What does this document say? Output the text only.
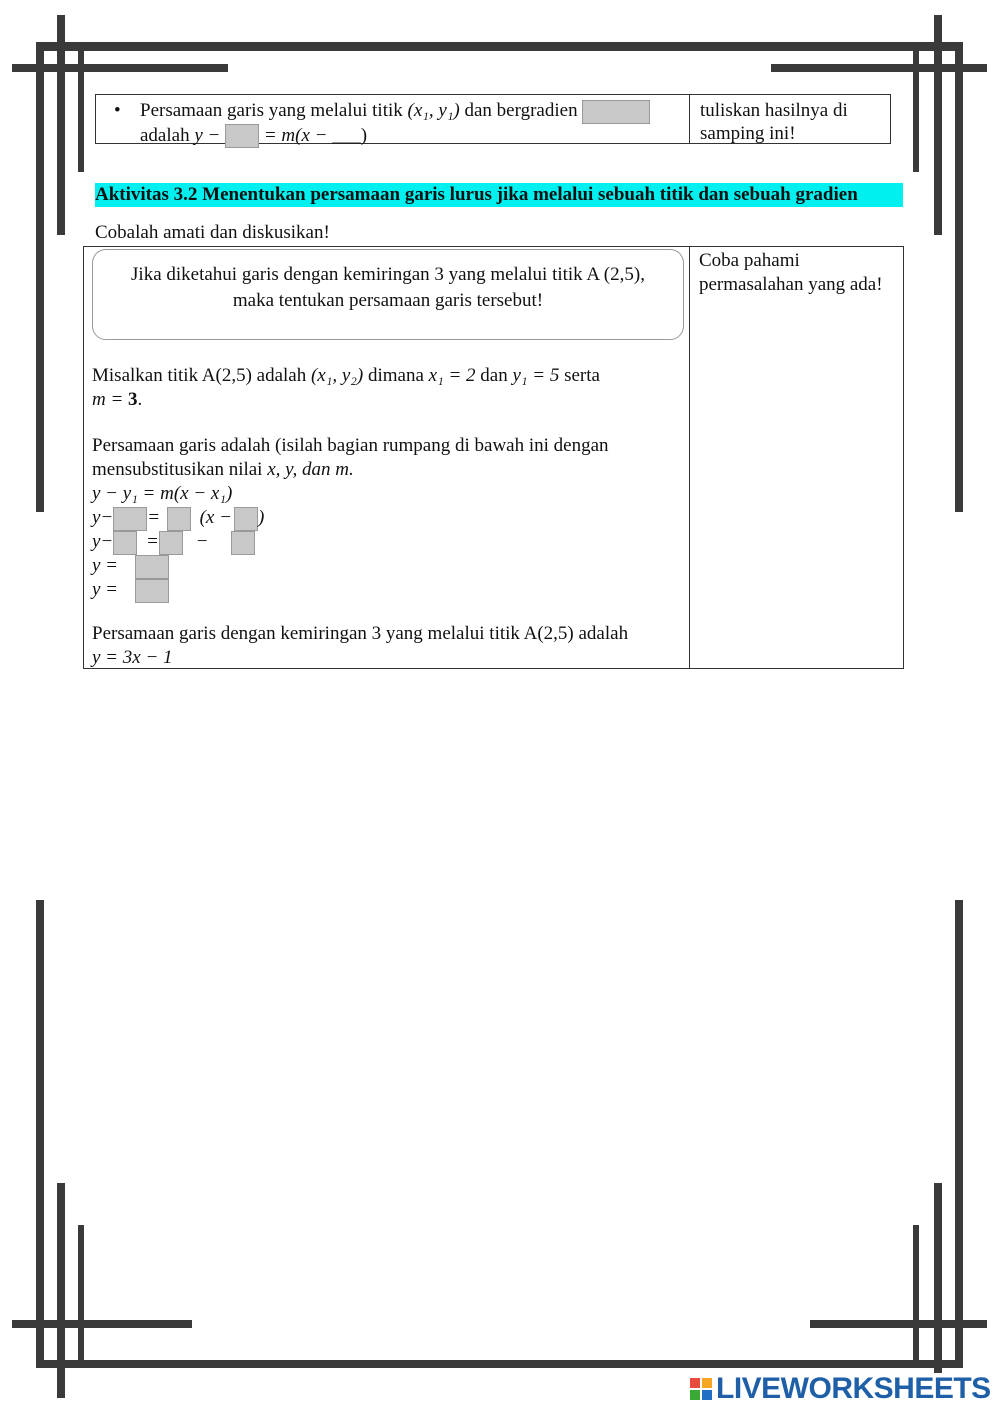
• Persamaan garis yang melalui titik (x₁, y₁) dan bergradien
adalah y −  = m(x − ___)
tuliskan hasilnya di
samping ini!
Aktivitas 3.2 Menentukan persamaan garis lurus jika melalui sebuah titik dan sebuah gradien
Cobalah amati dan diskusikan!
Jika diketahui garis dengan kemiringan 3 yang melalui titik A (2,5),
maka tentukan persamaan garis tersebut!
Coba pahami
permasalahan yang ada!
Misalkan titik A(2,5) adalah (x₁, y₂) dimana x₁ = 2 dan y₁ = 5 serta
m = 3.
Persamaan garis adalah (isilah bagian rumpang di bawah ini dengan
mensubstitusikan nilai x, y, dan m.
y − y₁ = m(x − x₁)
y− = (x − )
y− = −
y =
y =
Persamaan garis dengan kemiringan 3 yang melalui titik A(2,5) adalah
y = 3x − 1
LIVEWORKSHEETS
